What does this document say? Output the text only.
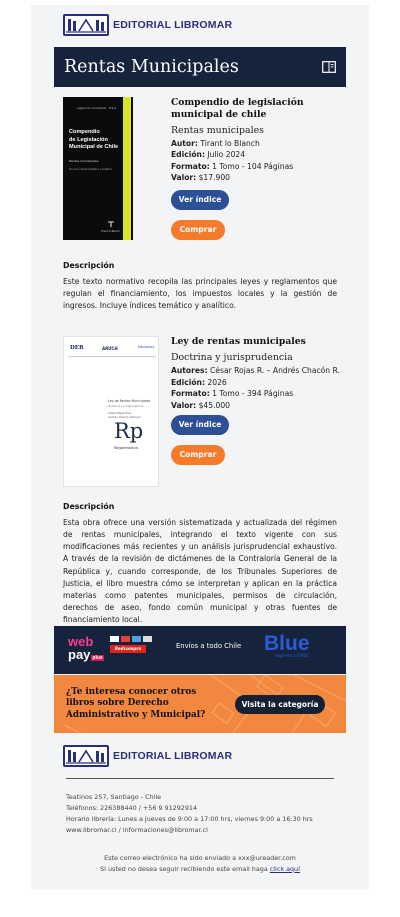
EDITORIAL LIBROMAR
Rentas Municipales
Legislación Comentada · Tirant
Compendio
de Legislación
Municipal de Chile
Rentas municipales
Con sus índices temático y analítico
⊤
Tirant lo Blanch
Compendio de legislación municipal de chile
Rentas municipales
Autor: Tirant lo Blanch
Edición: Julio 2024
Formato: 1 Tomo - 104 Páginas
Valor: $17.900
Ver índice
Comprar
Descripción
Este texto normativo recopila las principales leyes y reglamentos que regulan el financiamiento, los impuestos locales y la gestión de ingresos. Incluye índices temático y analítico.
DER	ARUCH	Ediciones
Ley de Rentas Municipales
Doctrina y jurisprudencia
César Rojas Ríos
Andrés Chacón Romero
Rp
Repertorios
Ley de rentas municipales
Doctrina y jurisprudencia
Autores: César Rojas R. – Andrés Chacón R.
Edición: 2026
Formato: 1 Tomo - 394 Páginas
Valor: $45.000
Ver índice
Comprar
Descripción
Esta obra ofrece una versión sistematizada y actualizada del régimen de rentas municipales, integrando el texto vigente con sus modificaciones más recientes y un análisis jurisprudencial exhaustivo. A través de la revisión de dictámenes de la Contraloría General de la República y, cuando corresponde, de los Tribunales Superiores de Justicia, el libro muestra cómo se interpretan y aplican en la práctica materias como patentes municipales, permisos de circulación, derechos de aseo, fondo común municipal y otras fuentes de financiamiento local.
web
pay plus
Redcompra	Envíos a todo Chile Blue
express COPEC
¿Te interesa conocer otros libros sobre Derecho Administrativo y Municipal?
Visita la categoría
EDITORIAL LIBROMAR
Teatinos 257, Santiago - Chile
Teléfonos: 226388440 / +56 9 91292914
Horario librería: Lunes a jueves de 9:00 a 17:00 hrs, viernes 9:00 a 16:30 hrs
www.libromar.cl / informaciones@libromar.cl
Este correo electrónico ha sido enviado a xxx@ureader.com
Si usted no desea seguir recibiendo este email haga click aquí
